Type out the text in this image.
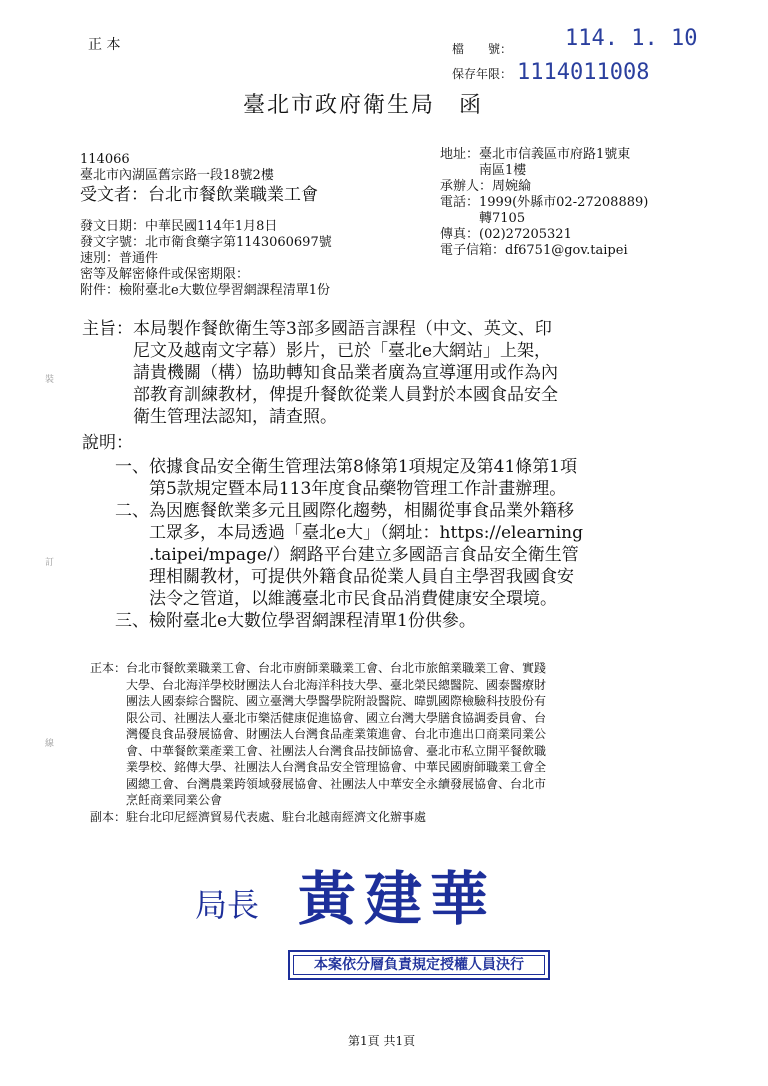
正 本	檔　　號： 114. 1. 10
保存年限： 1114011008
臺北市政府衛生局　函
114066
臺北市內湖區舊宗路一段18號2樓
受文者：台北市餐飲業職業工會
地址：臺北市信義區市府路1號東
　　　南區1樓
承辦人：周婉綸
電話：1999(外縣市02-27208889)
　　　轉7105
傳真：(02)27205321
電子信箱：df6751@gov.taipei
發文日期：中華民國114年1月8日
發文字號：北市衛食藥字第1143060697號
速別：普通件
密等及解密條件或保密期限：
附件：檢附臺北e大數位學習網課程清單1份
主旨：本局製作餐飲衛生等3部多國語言課程（中文、英文、印
　　　尼文及越南文字幕）影片，已於「臺北e大網站」上架，
　　　請貴機關（構）協助轉知食品業者廣為宣導運用或作為內
　　　部教育訓練教材，俾提升餐飲從業人員對於本國食品安全
　　　衛生管理法認知，請查照。
說明：
一、依據食品安全衛生管理法第8條第1項規定及第41條第1項
　　第5款規定暨本局113年度食品藥物管理工作計畫辦理。
二、為因應餐飲業多元且國際化趨勢，相關從事食品業外籍移
　　工眾多，本局透過「臺北e大」（網址：https://elearning
　　.taipei/mpage/）網路平台建立多國語言食品安全衛生管
　　理相關教材，可提供外籍食品從業人員自主學習我國食安
　　法令之管道，以維護臺北市民食品消費健康安全環境。
三、檢附臺北e大數位學習網課程清單1份供參。
正本：台北市餐飲業職業工會、台北市廚師業職業工會、台北市旅館業職業工會、實踐
　　　大學、台北海洋學校財團法人台北海洋科技大學、臺北榮民總醫院、國泰醫療財
　　　團法人國泰綜合醫院、國立臺灣大學醫學院附設醫院、暐凱國際檢驗科技股份有
　　　限公司、社團法人臺北市樂活健康促進協會、國立台灣大學膳食協調委員會、台
　　　灣優良食品發展協會、財團法人台灣食品產業策進會、台北市進出口商業同業公
　　　會、中華餐飲業產業工會、社團法人台灣食品技師協會、臺北市私立開平餐飲職
　　　業學校、銘傳大學、社團法人台灣食品安全管理協會、中華民國廚師職業工會全
　　　國總工會、台灣農業跨領域發展協會、社團法人中華安全永續發展協會、台北市
　　　烹飪商業同業公會
副本：駐台北印尼經濟貿易代表處、駐台北越南經濟文化辦事處
局長 黃建華
本案依分層負責規定授權人員決行
裝
訂
線
第1頁 共1頁
